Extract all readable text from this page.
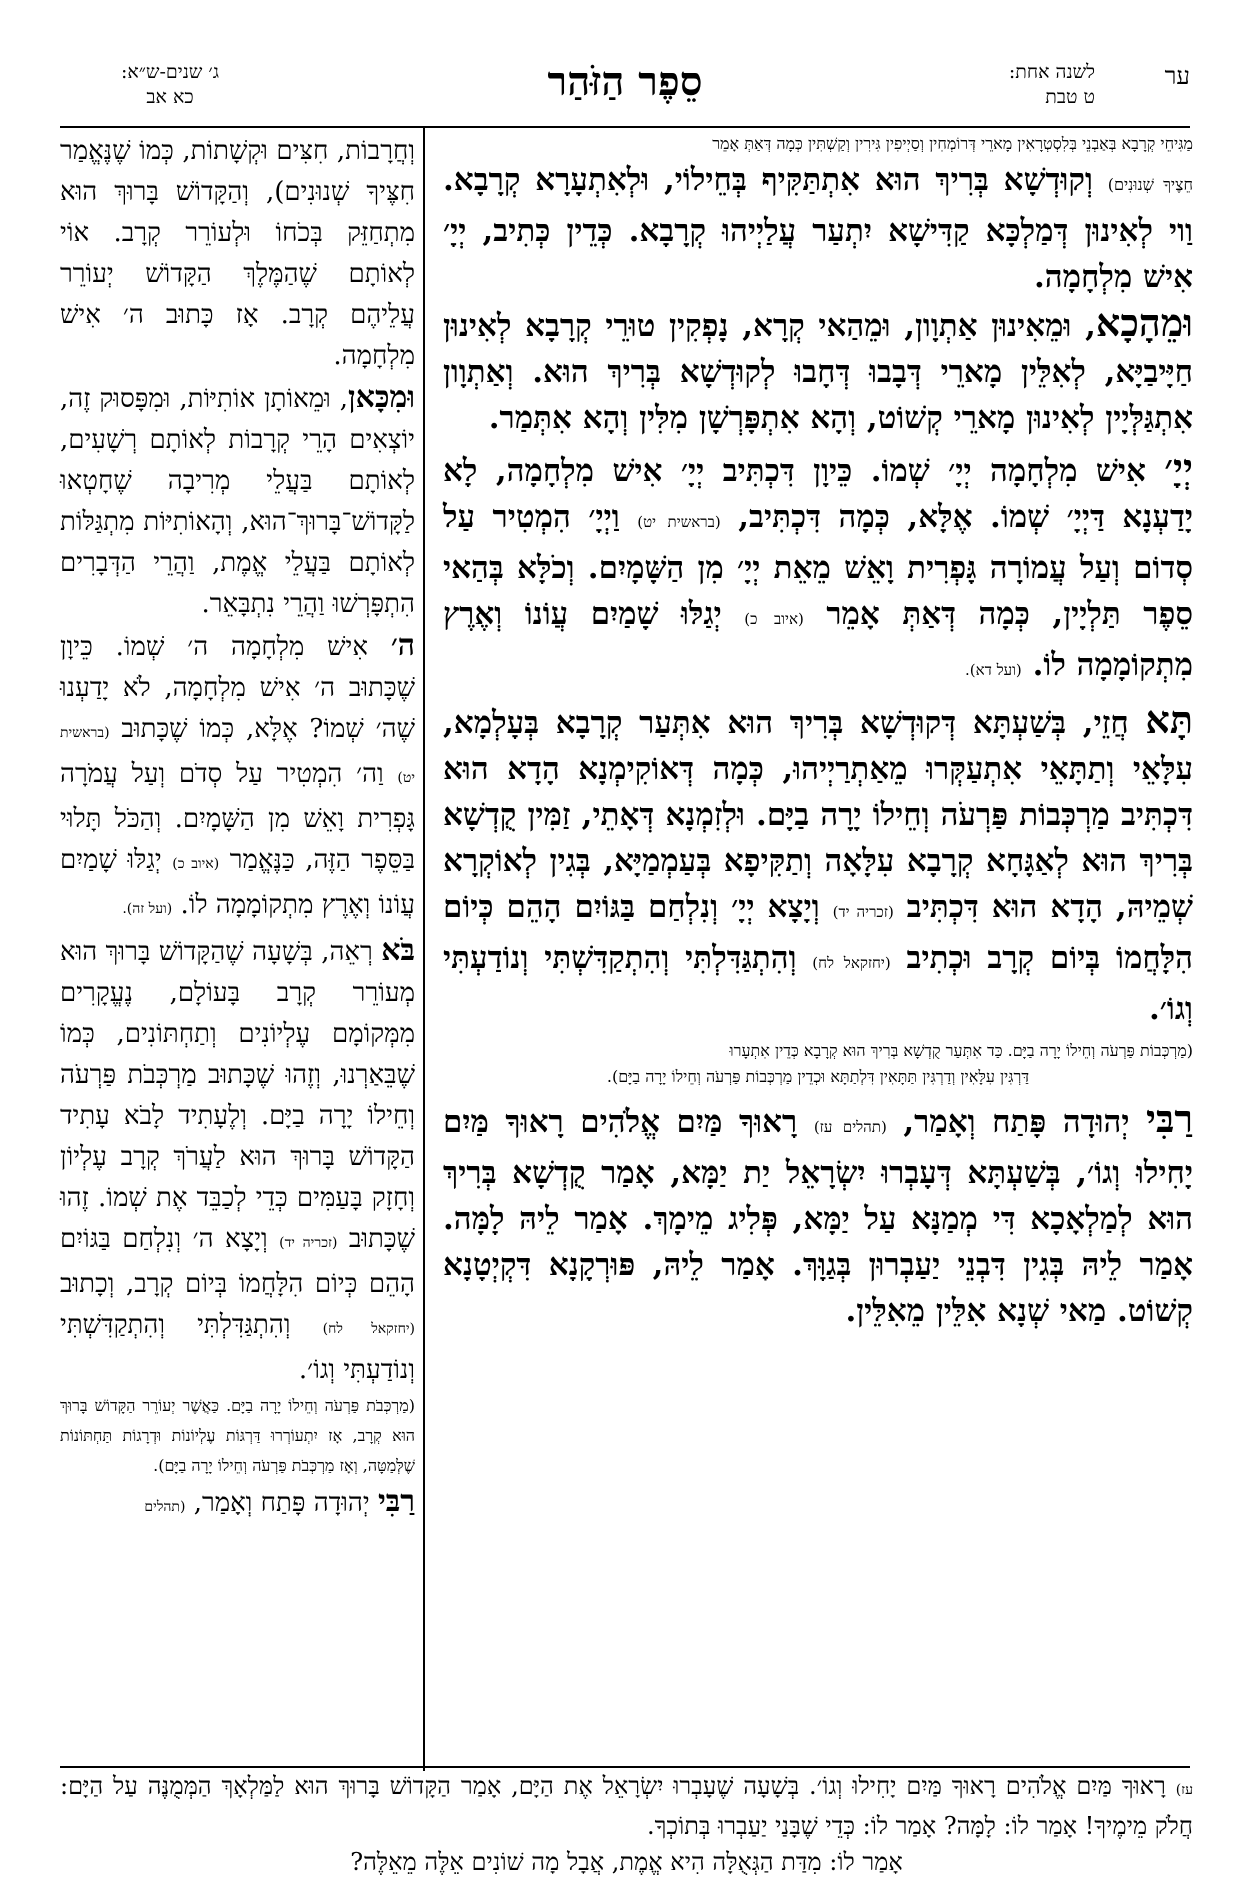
ער
לשנה אחת:
ט טבת
סֵפֶר הַזֹּהַר
ג׳ שנים-ש״א:
כא אב

מַגִּיחֵי קְרָבָא בְּאַבְנֵי בְּלִסְטְרָאִין מָארֵי דְּרוֹמְחִין וְסַיְיפִין גִּירִין וְקַשְׁתִּין כְּמָה דְּאַתְּ אָמֵר

חֵצֶיךָ שְׁנוּנִים) וְקוּדְשָׁא בְּרִיךְ הוּא אִתְתַּקִּיף בְּחֵילוֹי, וּלְאִתְעָרָא קְרָבָא. וַוי לְאִינוּן דְּמַלְכָּא קַדִּישָׁא יִתְעַר עֲלַיְיהוּ קְרָבָא. כְּדֵין כְּתִיב, יְיָ׳ אִישׁ מִלְחָמָה.

וּמֵהָכָא, וּמֵאִינוּן אַתְוָון, וּמֵהַאי קְרָא, נָפְקִין טוּרֵי קְרָבָא לְאִינוּן חַיָּיבַיָּא, לְאִלֵּין מָארֵי דְּבָבוּ דְּחָבוּ לְקוּדְשָׁא בְּרִיךְ הוּא. וְאַתְוָון אִתְגַּלְּיָין לְאִינוּן מָארֵי קְשׁוֹט, וְהָא אִתְפָּרְשָׁן מִלִּין וְהָא אִתְּמַר.

יְיָ׳ אִישׁ מִלְחָמָה יְיָ׳ שְׁמוֹ. כֵּיוָן דִּכְתִּיב יְיָ׳ אִישׁ מִלְחָמָה, לָא יָדַעְנָא דַּיְיָ׳ שְׁמוֹ. אֶלָּא, כְּמָה דִּכְתִּיב, (בראשית יט) וַיְיָ׳ הִמְטִיר עַל סְדוֹם וְעַל עֲמוֹרָה גָּפְרִית וָאֵשׁ מֵאֵת יְיָ׳ מִן הַשָּׁמָיִם. וְכֹלָּא בְּהַאי סֵפֶר תַּלְיָין, כְּמָה דְּאַתְּ אָמֵר (איוב כ) יְגַלּוּ שָׁמַיִם עֲוֹנוֹ וְאֶרֶץ מִתְקוֹמָמָה לוֹ. (ועל דא).

תָּא חֲזֵי, בְּשַׁעְתָּא דְּקוּדְשָׁא בְּרִיךְ הוּא אִתְּעַר קְרָבָא בְּעָלְמָא, עִלָּאֵי וְתַתָּאֵי אִתְעַקְּרוּ מֵאַתְרַיְיהוּ, כְּמָה דְּאוֹקִימְנָא הָדָא הוּא דִּכְתִּיב מַרְכְּבוֹת פַּרְעֹה וְחֵילוֹ יָרָה בַיָּם. וּלְזִמְנָא דְּאָתֵי, זַמִּין קֻדְשָׁא בְּרִיךְ הוּא לְאַגָּחָא קְרָבָא עִלָּאָה וְתַקִּיפָא בְּעַמְמַיָּא, בְּגִין לְאוֹקְרָא שְׁמֵיהּ, הָדָא הוּא דִּכְתִּיב (זכריה יד) וְיָצָא יְיָ׳ וְנִלְחַם בַּגּוֹיִם הָהֵם כְּיוֹם הִלָּחֲמוֹ בְּיוֹם קְרָב וּכְתִיב (יחזקאל לח) וְהִתְגַּדִּלְתִּי וְהִתְקַדִּשְׁתִּי וְנוֹדַעְתִּי וְגוֹ׳.

(מַרְכְּבוֹת פַּרְעֹה וְחֵילוֹ יָרָה בַיָּם. כַּד אִתְּעַר קֻדְשָׁא בְּרִיךְ הוּא קְרָבָא כְּדֵין אִתְעָרוּ

דַּרְגִּין עִלָּאִין וְדַרְגִּין תַּתָּאִין דִּלְתַתָּא וּכְדֵין מַרְכְּבוֹת פַּרְעֹה וְחֵילוֹ יָרָה בַיָּם).

רַבִּי יְהוּדָה פָּתַח וְאָמַר, (תהלים עז) רָאוּךָ מַּיִם אֱלֹהִים רָאוּךָ מַּיִם יָחִילוּ וְגוֹ׳, בְּשַׁעְתָּא דְּעָבְרוּ יִשְׂרָאֵל יַת יַמָּא, אָמַר קֻדְשָׁא בְּרִיךְ הוּא לְמַלְאָכָא דִּי מְמַנָּא עַל יַמָּא, פְּלִיג מֵימָךְ. אָמַר לֵיהּ לָמָּה. אָמַר לֵיהּ בְּגִין דִּבְנֵי יַעַבְרוּן בְּגַוָּךְ. אָמַר לֵיהּ, פּוּרְקָנָא דִּקְיְטָנָא קְשׁוֹט. מַאי שְׁנָא אִלֵּין מֵאִלֵּין.

וְחֲרָבוֹת, חִצִּים וּקְשָׁתוֹת, כְּמוֹ שֶׁנֶּאֱמַר חִצֶּיךָ שְׁנוּנִים), וְהַקָּדוֹשׁ בָּרוּךְ הוּא מִתְחַזֵּק בְּכֹחוֹ וּלְעוֹרֵר קְרָב. אוֹי לְאוֹתָם שֶׁהַמֶּלֶךְ הַקָּדוֹשׁ יְעוֹרֵר עֲלֵיהֶם קְרָב. אָז כָּתוּב ה׳ אִישׁ מִלְחָמָה.

וּמִכָּאן, וּמֵאוֹתָן אוֹתִיּוֹת, וּמִפָּסוּק זֶה, יוֹצְאִים הָרֵי קְרָבוֹת לְאוֹתָם רְשָׁעִים, לְאוֹתָם בַּעֲלֵי מְרִיבָה שֶׁחָטְאוּ לַקָּדוֹשׁ־בָּרוּךְ־הוּא, וְהָאוֹתִיּוֹת מִתְגַּלּוֹת לְאוֹתָם בַּעֲלֵי אֱמֶת, וַהֲרֵי הַדְּבָרִים הִתְפָּרְשׁוּ וַהֲרֵי נִתְבָּאֵר.

ה׳ אִישׁ מִלְחָמָה ה׳ שְׁמוֹ. כֵּיוָן שֶׁכָּתוּב ה׳ אִישׁ מִלְחָמָה, לֹא יָדַעְנוּ שֶׁה׳ שְׁמוֹ? אֶלָּא, כְּמוֹ שֶׁכָּתוּב (בראשית יט) וַה׳ הִמְטִיר עַל סְדֹם וְעַל עֲמֹרָה גָּפְרִית וָאֵשׁ מִן הַשָּׁמָיִם. וְהַכֹּל תָּלוּי בַּסֵּפֶר הַזֶּה, כַּנֶּאֱמַר (איוב כ) יְגַלּוּ שָׁמַיִם עֲוֹנוֹ וְאֶרֶץ מִתְקוֹמָמָה לוֹ. (ועל זה).

בֹּא רְאֵה, בְּשָׁעָה שֶׁהַקָּדוֹשׁ בָּרוּךְ הוּא מְעוֹרֵר קְרָב בָּעוֹלָם, נֶעֱקָרִים מִמְּקוֹמָם עֶלְיוֹנִים וְתַחְתּוֹנִים, כְּמוֹ שֶׁבֵּאַרְנוּ, וְזֶהוּ שֶׁכָּתוּב מַרְכְּבֹת פַּרְעֹה וְחֵילוֹ יָרָה בַיָּם. וְלֶעָתִיד לָבֹא עָתִיד הַקָּדוֹשׁ בָּרוּךְ הוּא לַעֲרֹךְ קְרָב עֶלְיוֹן וְחָזָק בָּעַמִּים כְּדֵי לְכַבֵּד אֶת שְׁמוֹ. זֶהוּ שֶׁכָּתוּב (זכריה יד) וְיָצָא ה׳ וְנִלְחַם בַּגּוֹיִם הָהֵם כְּיוֹם הִלָּחֲמוֹ בְּיוֹם קְרָב, וְכָתוּב (יחזקאל לח) וְהִתְגַּדִּלְתִּי וְהִתְקַדִּשְׁתִּי וְנוֹדַעְתִּי וְגוֹ׳.

(מַרְכְּבֹת פַּרְעֹה וְחֵילוֹ יָרָה בַיָּם. כַּאֲשֶׁר יְעוֹרֵר הַקָּדוֹשׁ בָּרוּךְ הוּא קְרָב, אָז יִתְעוֹרְרוּ דַּרְגּוֹת עֶלְיוֹנוֹת וּדְרָגוֹת תַּחְתּוֹנוֹת שֶׁלְּמַטָּה, וְאָז מַרְכְּבֹת פַּרְעֹה וְחֵילוֹ יָרָה בַיָּם).

רַבִּי יְהוּדָה פָּתַח וְאָמַר, (תהלים

עז) רָאוּךָ מַּיִם אֱלֹהִים רָאוּךָ מַּיִם יָחִילוּ וְגוֹ׳. בְּשָׁעָה שֶׁעָבְרוּ יִשְׂרָאֵל אֶת הַיָּם, אָמַר הַקָּדוֹשׁ בָּרוּךְ הוּא לַמַּלְאָךְ הַמְּמֻנֶּה עַל הַיָּם: חֲלֹק מֵימֶיךָ! אָמַר לוֹ: לָמָּה? אָמַר לוֹ: כְּדֵי שֶׁבָּנַי יַעַבְרוּ בְּתוֹכְךָ.
אָמַר לוֹ: מִדַּת הַגְּאֻלָּה הִיא אֱמֶת, אֲבָל מָה שׁוֹנִים אֵלֶּה מֵאֵלֶּה?
